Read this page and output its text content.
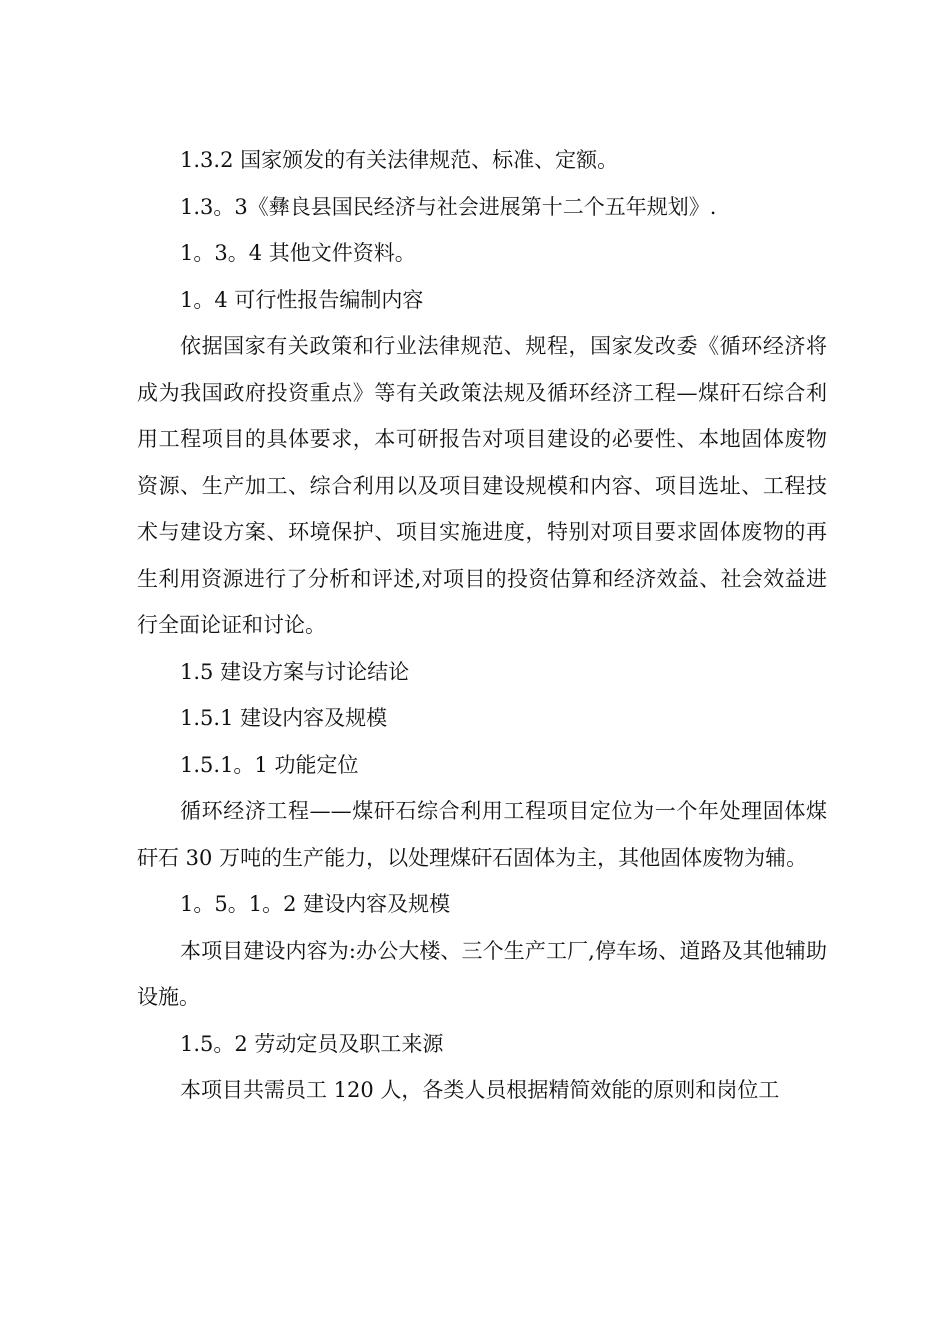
1.3.2 国家颁发的有关法律规范、标准、定额。

1.3。3《彝良县国民经济与社会进展第十二个五年规划》.

1。3。4 其他文件资料。

1。4 可行性报告编制内容

依据国家有关政策和行业法律规范、规程，国家发改委《循环经济将成为我国政府投资重点》等有关政策法规及循环经济工程—煤矸石综合利用工程项目的具体要求，本可研报告对项目建设的必要性、本地固体废物资源、生产加工、综合利用以及项目建设规模和内容、项目选址、工程技术与建设方案、环境保护、项目实施进度，特别对项目要求固体废物的再生利用资源进行了分析和评述,对项目的投资估算和经济效益、社会效益进行全面论证和讨论。

1.5 建设方案与讨论结论

1.5.1 建设内容及规模

1.5.1。1 功能定位

循环经济工程——煤矸石综合利用工程项目定位为一个年处理固体煤矸石 30 万吨的生产能力，以处理煤矸石固体为主，其他固体废物为辅。

1。5。1。2 建设内容及规模

本项目建设内容为:办公大楼、三个生产工厂,停车场、道路及其他辅助设施。

1.5。2 劳动定员及职工来源

本项目共需员工 120 人，各类人员根据精简效能的原则和岗位工
